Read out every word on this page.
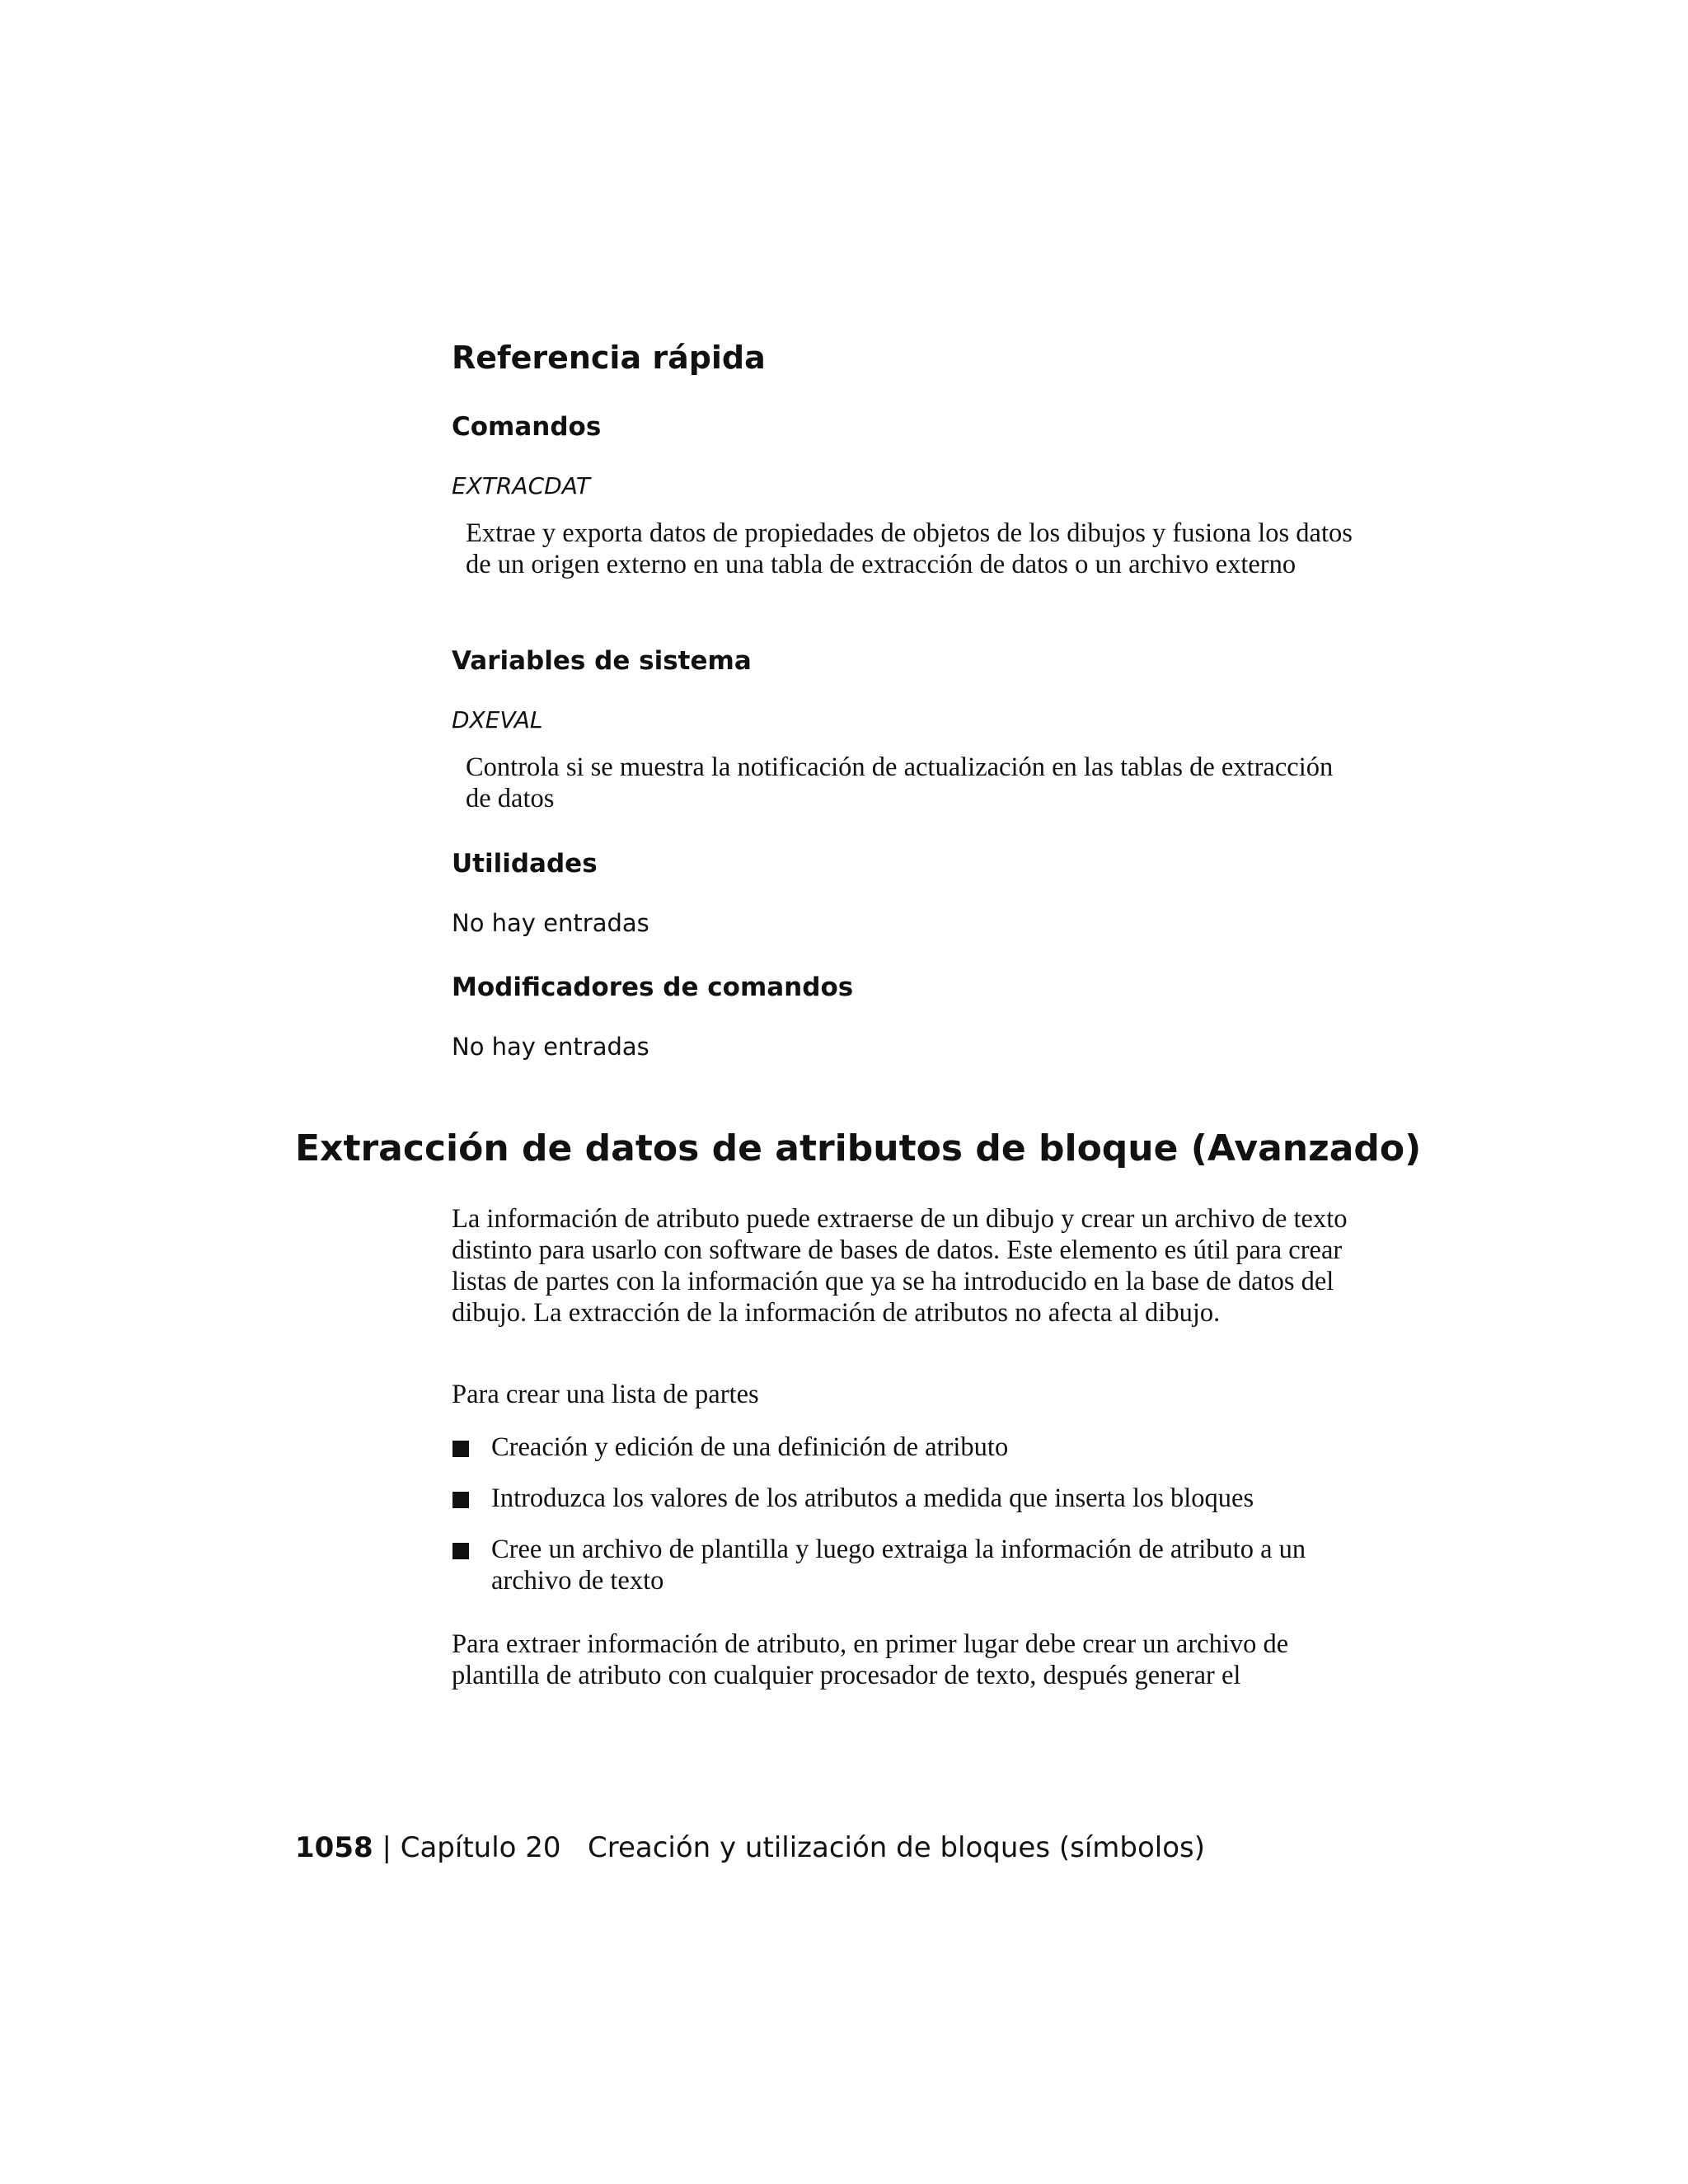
Referencia rápida
Comandos
EXTRACDAT

Extrae y exporta datos de propiedades de objetos de los dibujos y fusiona los datos de un origen externo en una tabla de extracción de datos o un archivo externo

Variables de sistema
DXEVAL

Controla si se muestra la notificación de actualización en las tablas de extracción de datos

Utilidades
No hay entradas
Modificadores de comandos
No hay entradas
Extracción de datos de atributos de bloque (Avanzado)

La información de atributo puede extraerse de un dibujo y crear un archivo de texto distinto para usarlo con software de bases de datos. Este elemento es útil para crear listas de partes con la información que ya se ha introducido en la base de datos del dibujo. La extracción de la información de atributos no afecta al dibujo.

Para crear una lista de partes

Creación y edición de una definición de atributo
Introduzca los valores de los atributos a medida que inserta los bloques
Cree un archivo de plantilla y luego extraiga la información de atributo a un archivo de texto

Para extraer información de atributo, en primer lugar debe crear un archivo de plantilla de atributo con cualquier procesador de texto, después generar el

1058 | Capítulo 20 Creación y utilización de bloques (símbolos)
